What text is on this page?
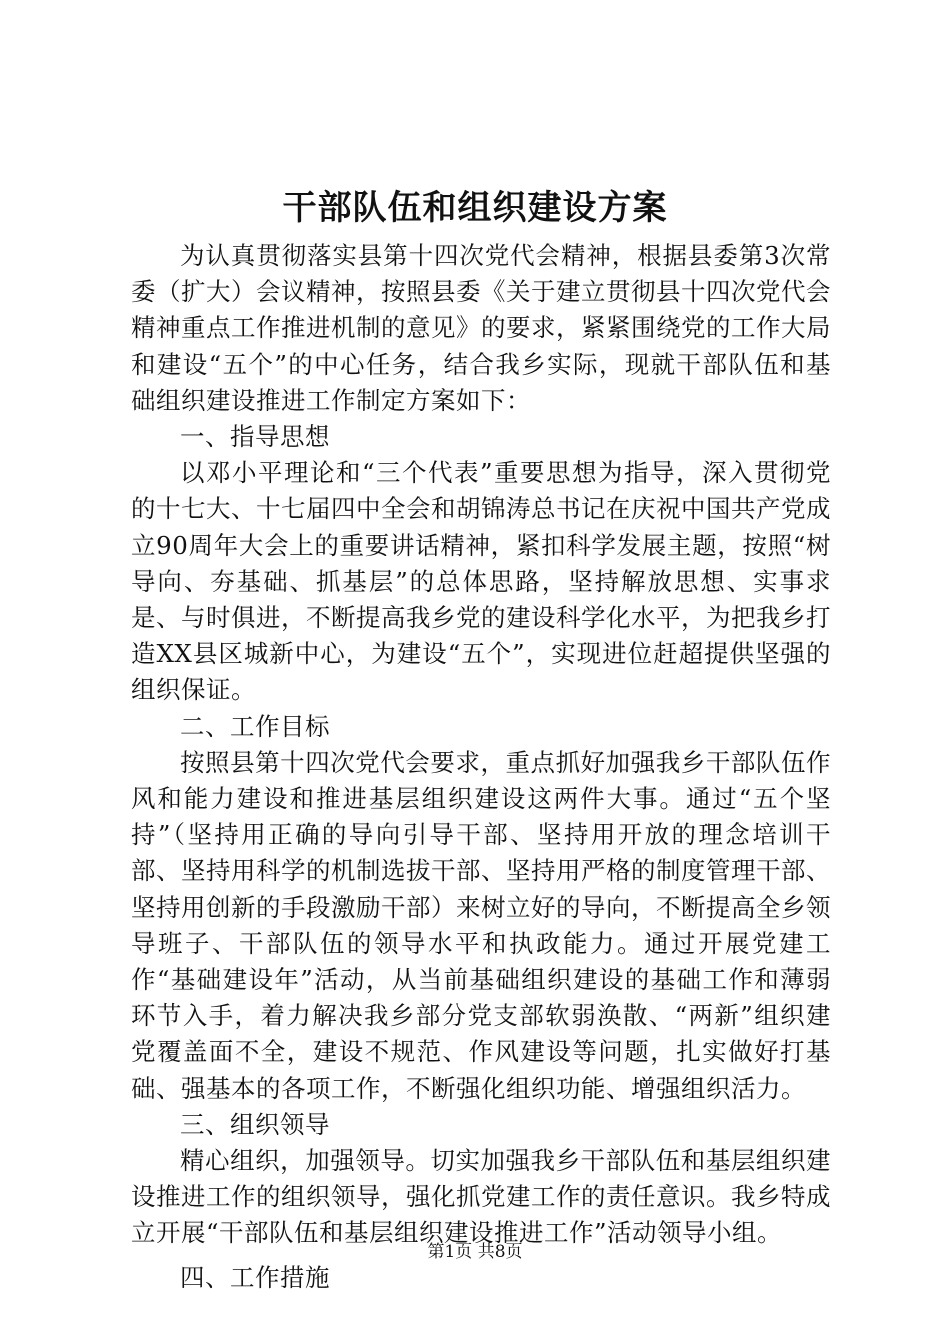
干部队伍和组织建设方案

为认真贯彻落实县第十四次党代会精神，根据县委第3次常委（扩大）会议精神，按照县委《关于建立贯彻县十四次党代会精神重点工作推进机制的意见》的要求，紧紧围绕党的工作大局和建设“五个”的中心任务，结合我乡实际，现就干部队伍和基础组织建设推进工作制定方案如下：

一、指导思想

以邓小平理论和“三个代表”重要思想为指导，深入贯彻党的十七大、十七届四中全会和胡锦涛总书记在庆祝中国共产党成立90周年大会上的重要讲话精神，紧扣科学发展主题，按照“树导向、夯基础、抓基层”的总体思路，坚持解放思想、实事求是、与时俱进，不断提高我乡党的建设科学化水平，为把我乡打造XX县区城新中心，为建设“五个”，实现进位赶超提供坚强的组织保证。

二、工作目标

按照县第十四次党代会要求，重点抓好加强我乡干部队伍作风和能力建设和推进基层组织建设这两件大事。通过“五个坚持”（坚持用正确的导向引导干部、坚持用开放的理念培训干部、坚持用科学的机制选拔干部、坚持用严格的制度管理干部、坚持用创新的手段激励干部）来树立好的导向，不断提高全乡领导班子、干部队伍的领导水平和执政能力。通过开展党建工作“基础建设年”活动，从当前基础组织建设的基础工作和薄弱环节入手，着力解决我乡部分党支部软弱涣散、“两新”组织建党覆盖面不全，建设不规范、作风建设等问题，扎实做好打基础、强基本的各项工作，不断强化组织功能、增强组织活力。

三、组织领导

精心组织，加强领导。切实加强我乡干部队伍和基层组织建设推进工作的组织领导，强化抓党建工作的责任意识。我乡特成立开展“干部队伍和基层组织建设推进工作”活动领导小组。

四、工作措施

第1页 共8页
